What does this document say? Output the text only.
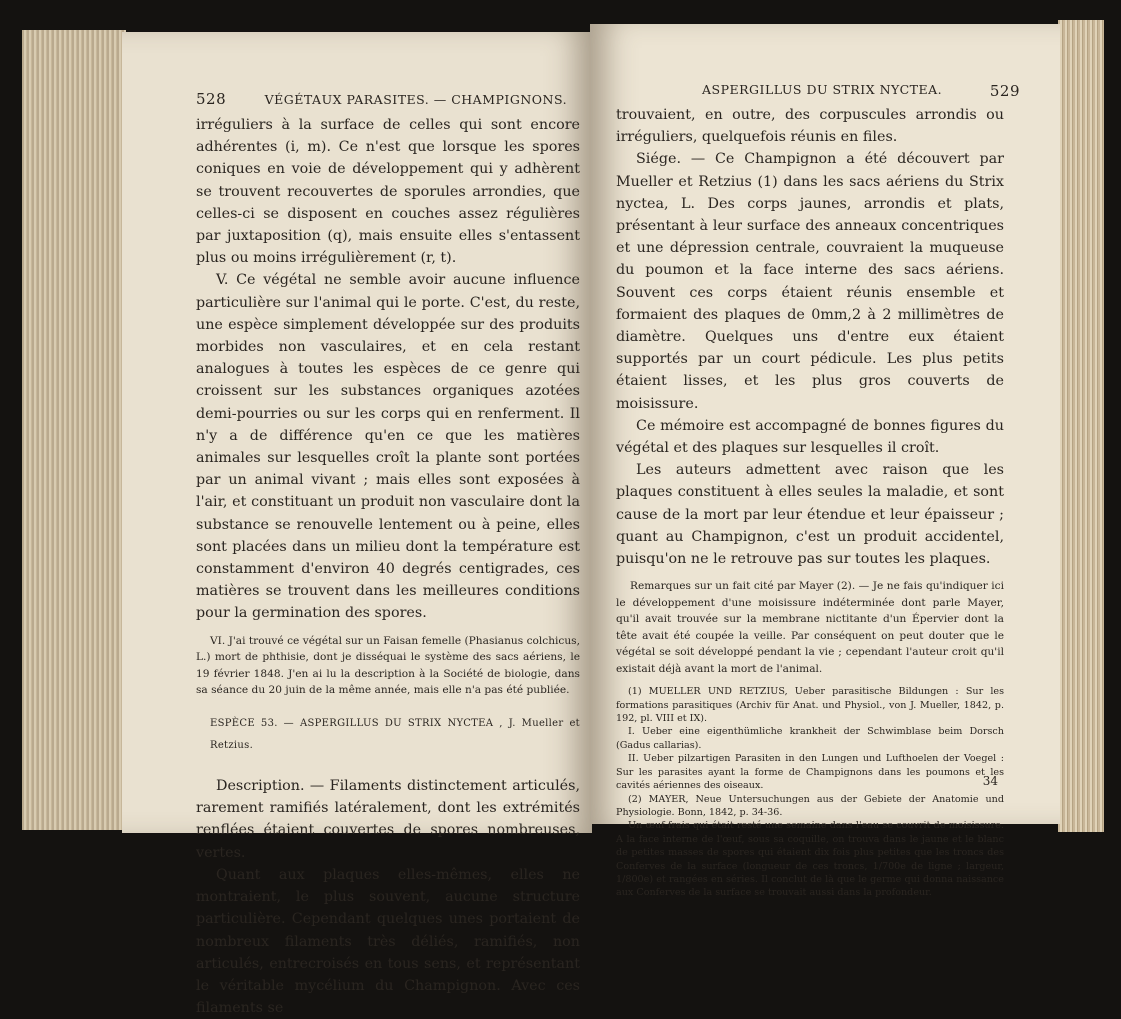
528	VÉGÉTAUX PARASITES. — CHAMPIGNONS.

irréguliers à la surface de celles qui sont encore adhérentes (i, m). Ce n'est que lorsque les spores coniques en voie de développement qui y adhèrent se trouvent recouvertes de sporules arrondies, que celles-ci se disposent en couches assez régulières par juxtaposition (q), mais ensuite elles s'entassent plus ou moins irrégulièrement (r, t).

V. Ce végétal ne semble avoir aucune influence particulière sur l'animal qui le porte. C'est, du reste, une espèce simplement développée sur des produits morbides non vasculaires, et en cela restant analogues à toutes les espèces de ce genre qui croissent sur les substances organiques azotées demi-pourries ou sur les corps qui en renferment. Il n'y a de différence qu'en ce que les matières animales sur lesquelles croît la plante sont portées par un animal vivant ; mais elles sont exposées à l'air, et constituant un produit non vasculaire dont la substance se renouvelle lentement ou à peine, elles sont placées dans un milieu dont la température est constamment d'environ 40 degrés centigrades, ces matières se trouvent dans les meilleures conditions pour la germination des spores.

VI. J'ai trouvé ce végétal sur un Faisan femelle (Phasianus colchicus, L.) mort de phthisie, dont je disséquai le système des sacs aériens, le 19 février 1848. J'en ai lu la description à la Société de biologie, dans sa séance du 20 juin de la même année, mais elle n'a pas été publiée.

ESPÈCE 53. — ASPERGILLUS DU STRIX NYCTEA , J. Mueller et Retzius.

Description. — Filaments distinctement articulés, rarement ramifiés latéralement, dont les extrémités renflées étaient couvertes de spores nombreuses, vertes.

Quant aux plaques elles-mêmes, elles ne montraient, le plus souvent, aucune structure particulière. Cependant quelques unes portaient de nombreux filaments très déliés, ramifiés, non articulés, entrecroisés en tous sens, et représentant le véritable mycélium du Champignon. Avec ces filaments se

ASPERGILLUS DU STRIX NYCTEA.	529

trouvaient, en outre, des corpuscules arrondis ou irréguliers, quelquefois réunis en files.

Siége. — Ce Champignon a été découvert par Mueller et Retzius (1) dans les sacs aériens du Strix nyctea, L. Des corps jaunes, arrondis et plats, présentant à leur surface des anneaux concentriques et une dépression centrale, couvraient la muqueuse du poumon et la face interne des sacs aériens. Souvent ces corps étaient réunis ensemble et formaient des plaques de 0mm,2 à 2 millimètres de diamètre. Quelques uns d'entre eux étaient supportés par un court pédicule. Les plus petits étaient lisses, et les plus gros couverts de moisissure.

Ce mémoire est accompagné de bonnes figures du végétal et des plaques sur lesquelles il croît.

Les auteurs admettent avec raison que les plaques constituent à elles seules la maladie, et sont cause de la mort par leur étendue et leur épaisseur ; quant au Champignon, c'est un produit accidentel, puisqu'on ne le retrouve pas sur toutes les plaques.

Remarques sur un fait cité par Mayer (2). — Je ne fais qu'indiquer ici le développement d'une moisissure indéterminée dont parle Mayer, qu'il avait trouvée sur la membrane nictitante d'un Épervier dont la tête avait été coupée la veille. Par conséquent on peut douter que le végétal se soit développé pendant la vie ; cependant l'auteur croit qu'il existait déjà avant la mort de l'animal.

(1) MUELLER UND RETZIUS, Ueber parasitische Bildungen : Sur les formations parasitiques (Archiv für Anat. und Physiol., von J. Mueller, 1842, p. 192, pl. VIII et IX).

I. Ueber eine eigenthümliche krankheit der Schwimblase beim Dorsch (Gadus callarias).

II. Ueber pilzartigen Parasiten in den Lungen und Lufthoelen der Voegel : Sur les parasites ayant la forme de Champignons dans les poumons et les cavités aériennes des oiseaux.

(2) MAYER, Neue Untersuchungen aus der Gebiete der Anatomie und Physiologie. Bonn, 1842, p. 34-36.

Un œuf frais qui était resté une semaine dans l'eau se couvrit de moisissure. A la face interne de l'œuf, sous sa coquille, on trouva dans le jaune et le blanc de petites masses de spores qui étaient dix fois plus petites que les troncs des Conferves de la surface (longueur de ces troncs, 1/700e de ligne ; largeur, 1/800e) et rangées en séries. Il conclut de là que le germe qui donna naissance aux Conferves de la surface se trouvait aussi dans la profondeur.

34
